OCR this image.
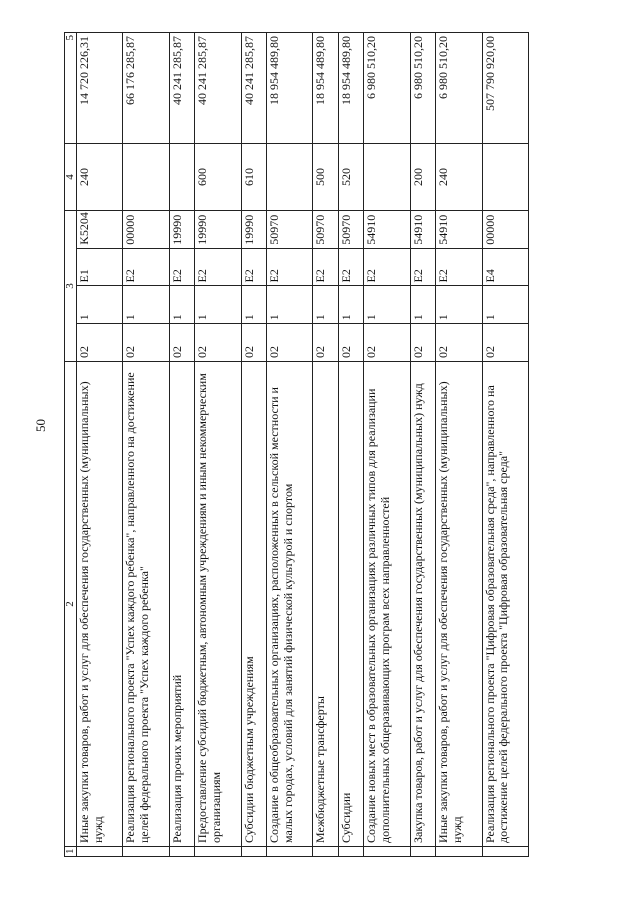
50
1	2	3				4	5
	Иные закупки товаров, работ и услуг для обеспечения государственных (муниципальных) нужд	02	1	E1	K5204	240	14 720 226,31
	Реализация регионального проекта "Успех каждого ребенка", направленного на достижение целей федерального проекта "Успех каждого ребенка"	02	1	E2	00000		66 176 285,87
	Реализация прочих мероприятий	02	1	E2	19990		40 241 285,87
	Предоставление субсидий бюджетным, автономным учреждениям и иным некоммерческим организациям	02	1	E2	19990	600	40 241 285,87
	Субсидии бюджетным учреждениям	02	1	E2	19990	610	40 241 285,87
	Создание в общеобразовательных организациях, расположенных в сельской местности и малых городах, условий для занятий физической культурой и спортом	02	1	E2	50970		18 954 489,80
	Межбюджетные трансферты	02	1	E2	50970	500	18 954 489,80
	Субсидии	02	1	E2	50970	520	18 954 489,80
	Создание новых мест в образовательных организациях различных типов для реализации дополнительных общеразвивающих програм всех направленностей	02	1	E2	54910		6 980 510,20
	Закупка товаров, работ и услуг для обеспечения государственных (муниципальных) нужд	02	1	E2	54910	200	6 980 510,20
	Иные закупки товаров, работ и услуг для обеспечения государственных (муниципальных) нужд	02	1	E2	54910	240	6 980 510,20
	Реализация регионального проекта "Цифровая образовательная среда", направленного на достижение целей федерального проекта "Цифровая образовательная среда"	02	1	E4	00000		507 790 920,00
